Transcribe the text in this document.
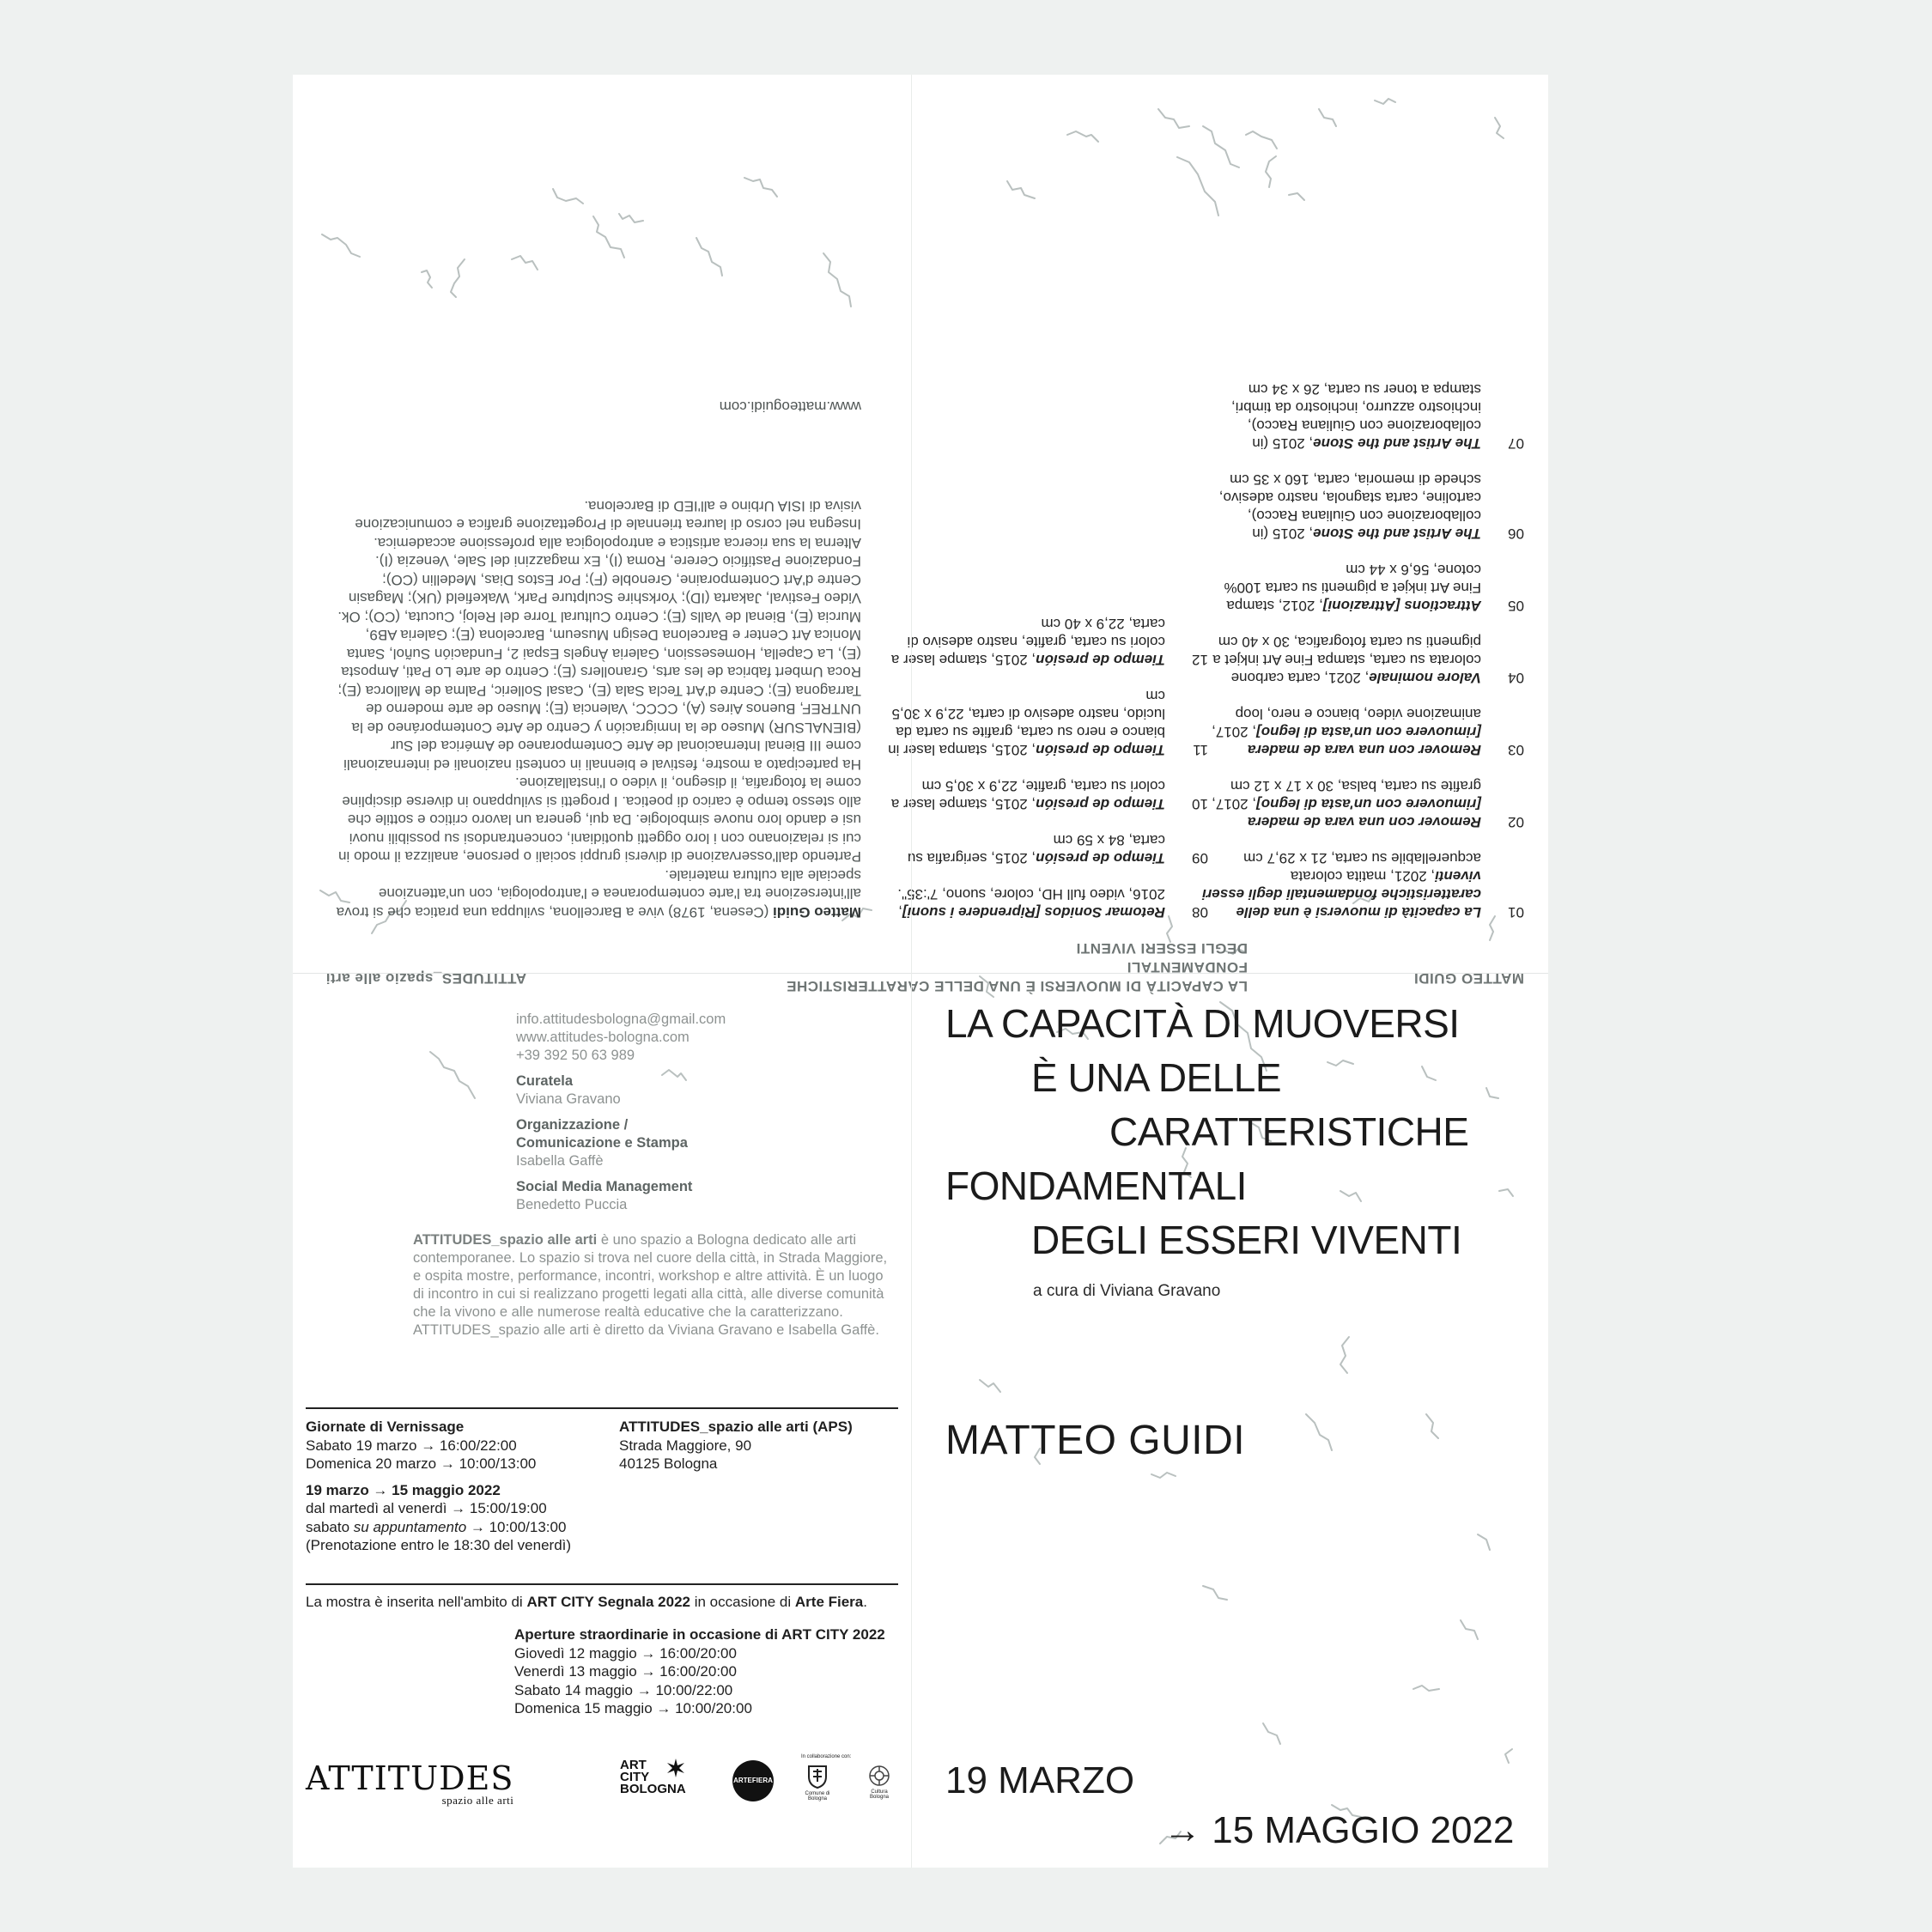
MATTEO GUIDI
LA CAPACITÀ DI MUOVERSI È UNA DELLE CARATTERISTICHE FONDAMENTALI
DEGLI ESSERI VIVENTI
ATTITUDES_spazio alle arti
01
La capacità di muoversi è una delle caratteristiche fondamentali degli esseri viventi, 2021, matita colorata acquerellabile su carta, 21 x 29,7 cm
02
Remover con una vara de madera [rimuovere con un'asta di legno], 2017, grafite su carta, balsa, 30 x 17 x 12 cm
03
Remover con una vara de madera [rimuovere con un'asta di legno], 2017, animazione video, bianco e nero, loop
04
Valore nominale, 2021, carta carbone colorata su carta, stampa Fine Art inkjet a pigmenti su carta fotografica, 30 x 40 cm
05
Attractions [Attrazioni], 2012, stampa Fine Art inkjet a pigmenti su carta 100% cotone, 56,6 x 44 cm
06
The Artist and the Stone, 2015 (in collaborazione con Giuliana Racco), cartoline, carta stagnola, nastro adesivo, schede di memoria, carta, 160 x 35 cm
07
The Artist and the Stone, 2015 (in collaborazione con Giuliana Racco), inchiostro azzurro, inchiostro da timbri, stampa a toner su carta, 26 x 34 cm
08
Retomar Sonidos [Riprendere i suoni], 2016, video full HD, colore, suono, 7':35".
09
Tiempo de presión, 2015, serigrafia su carta, 84 x 59 cm
10
Tiempo de presión, 2015, stampe laser a colori su carta, grafite, 22,9 x 30,5 cm
11
Tiempo de presión, 2015, stampa laser in bianco e nero su carta, grafite su carta da lucido, nastro adesivo di carta, 22,9 x 30,5 cm
12
Tiempo de presión, 2015, stampe laser a colori su carta, grafite, nastro adesivo di carta, 22,9 x 40 cm

Matteo Guidi (Cesena, 1978) vive a Barcellona, sviluppa una pratica che si trova all'intersezione tra l'arte contemporanea e l'antropologia, con un'attenzione speciale alla cultura materiale.

Partendo dall'osservazione di diversi gruppi sociali o persone, analizza il modo in cui si relazionano con i loro oggetti quotidiani, concentrandosi su possibili nuovi usi e dando loro nuove simbologie. Da qui, genera un lavoro critico e sottile che allo stesso tempo è carico di poetica. I progetti si sviluppano in diverse discipline come la fotografia, il disegno, il video o l'installazione.

Ha partecipato a mostre, festival e biennali in contesti nazionali ed internazionali come III Bienal Internacional de Arte Contemporaneo de América del Sur (BIENALSUR) Museo de la Inmigración y Centro de Arte Contemporáneo de la UNTREF, Buenos Aires (A), CCCC, Valencia (E); Museo de arte moderno de Tarragona (E); Centre d'Art Tecla Sala (E), Casal Solleric, Palma de Mallorca (E); Roca Umbert fabrica de les arts, Granollers (E); Centro de arte Lo Pati, Amposta (E), La Capella, Homesession, Galeria Àngels Espai 2, Fundación Suñol, Santa Monica Art Center e Barcelona Design Museum, Barcelona (E); Galeria AB9, Murcia (E), Bienal de Valls (E); Centro Cultural Torre del Reloj, Cucuta, (CO); Ok. Video Festival, Jakarta (ID); Yorkshire Sculpture Park, Wakefield (UK); Magasin Centre d'Art Contemporaine, Grenoble (F); Por Estos Dias, Medellin (CO); Fondazione Pastificio Cerere, Roma (I), Ex magazzini del Sale, Venezia (I).

Alterna la sua ricerca artistica e antropologica alla professione accademica. Insegna nel corso di laurea triennale di Progettazione grafica e comunicazione visiva di ISIA Urbino e all'IED di Barcelona.

www.matteoguidi.com
info.attitudesbologna@gmail.com
www.attitudes-bologna.com
+39 392 50 63 989
Curatela
Viviana Gravano
Organizzazione /
Comunicazione e Stampa
Isabella Gaffè
Social Media Management
Benedetto Puccia
ATTITUDES_spazio alle arti è uno spazio a Bologna dedicato alle arti contemporanee. Lo spazio si trova nel cuore della città, in Strada Maggiore, e ospita mostre, performance, incontri, workshop e altre attività. È un luogo di incontro in cui si realizzano progetti legati alla città, alle diverse comunità che la vivono e alle numerose realtà educative che la caratterizzano.
ATTITUDES_spazio alle arti è diretto da Viviana Gravano e Isabella Gaffè.
Giornate di Vernissage
Sabato 19 marzo → 16:00/22:00
Domenica 20 marzo → 10:00/13:00
19 marzo → 15 maggio 2022
dal martedì al venerdì → 15:00/19:00
sabato su appuntamento → 10:00/13:00
(Prenotazione entro le 18:30 del venerdì)
ATTITUDES_spazio alle arti (APS)
Strada Maggiore, 90
40125 Bologna
La mostra è inserita nell'ambito di ART CITY Segnala 2022 in occasione di Arte Fiera.
Aperture straordinarie in occasione di ART CITY 2022
Giovedì 12 maggio → 16:00/20:00
Venerdì 13 maggio → 16:00/20:00
Sabato 14 maggio → 10:00/22:00
Domenica 15 maggio → 10:00/20:00
ATTITUDES
spazio alle arti
ART
CITY
BOLOGNA
ARTEFIERA
In collaborazione con:
Comune di Bologna
Cultura Bologna
LA CAPACITÀ DI MUOVERSI
È UNA DELLE
CARATTERISTICHE
FONDAMENTALI
DEGLI ESSERI VIVENTI
a cura di Viviana Gravano
MATTEO GUIDI
19 MARZO
→ 15 MAGGIO 2022
